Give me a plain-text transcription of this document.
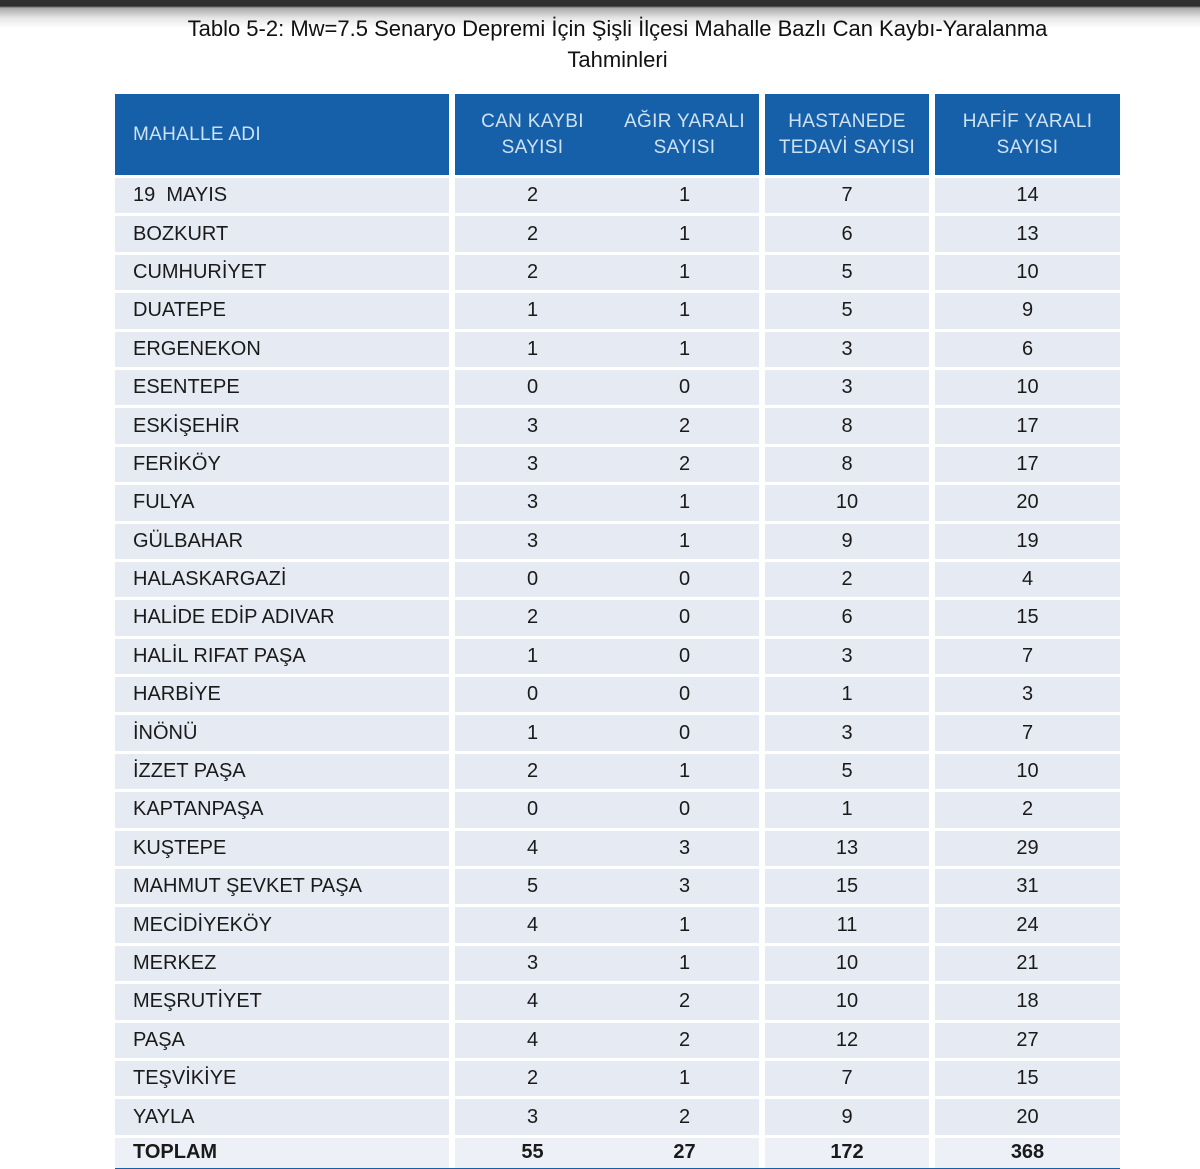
Tablo 5-2: Mw=7.5 Senaryo Depremi İçin Şişli İlçesi Mahalle Bazlı Can Kaybı-Yaralanma
Tahminleri
MAHALLE ADI	CAN KAYBI SAYISI	AĞIR YARALI SAYISI	HASTANEDE TEDAVİ SAYISI	HAFİF YARALI SAYISI
19  MAYIS	2	1	7	14
BOZKURT	2	1	6	13
CUMHURİYET	2	1	5	10
DUATEPE	1	1	5	9
ERGENEKON	1	1	3	6
ESENTEPE	0	0	3	10
ESKİŞEHİR	3	2	8	17
FERİKÖY	3	2	8	17
FULYA	3	1	10	20
GÜLBAHAR	3	1	9	19
HALASKARGAZİ	0	0	2	4
HALİDE EDİP ADIVAR	2	0	6	15
HALİL RIFAT PAŞA	1	0	3	7
HARBİYE	0	0	1	3
İNÖNÜ	1	0	3	7
İZZET PAŞA	2	1	5	10
KAPTANPAŞA	0	0	1	2
KUŞTEPE	4	3	13	29
MAHMUT ŞEVKET PAŞA	5	3	15	31
MECİDİYEKÖY	4	1	11	24
MERKEZ	3	1	10	21
MEŞRUTİYET	4	2	10	18
PAŞA	4	2	12	27
TEŞVİKİYE	2	1	7	15
YAYLA	3	2	9	20
TOPLAM	55	27	172	368
